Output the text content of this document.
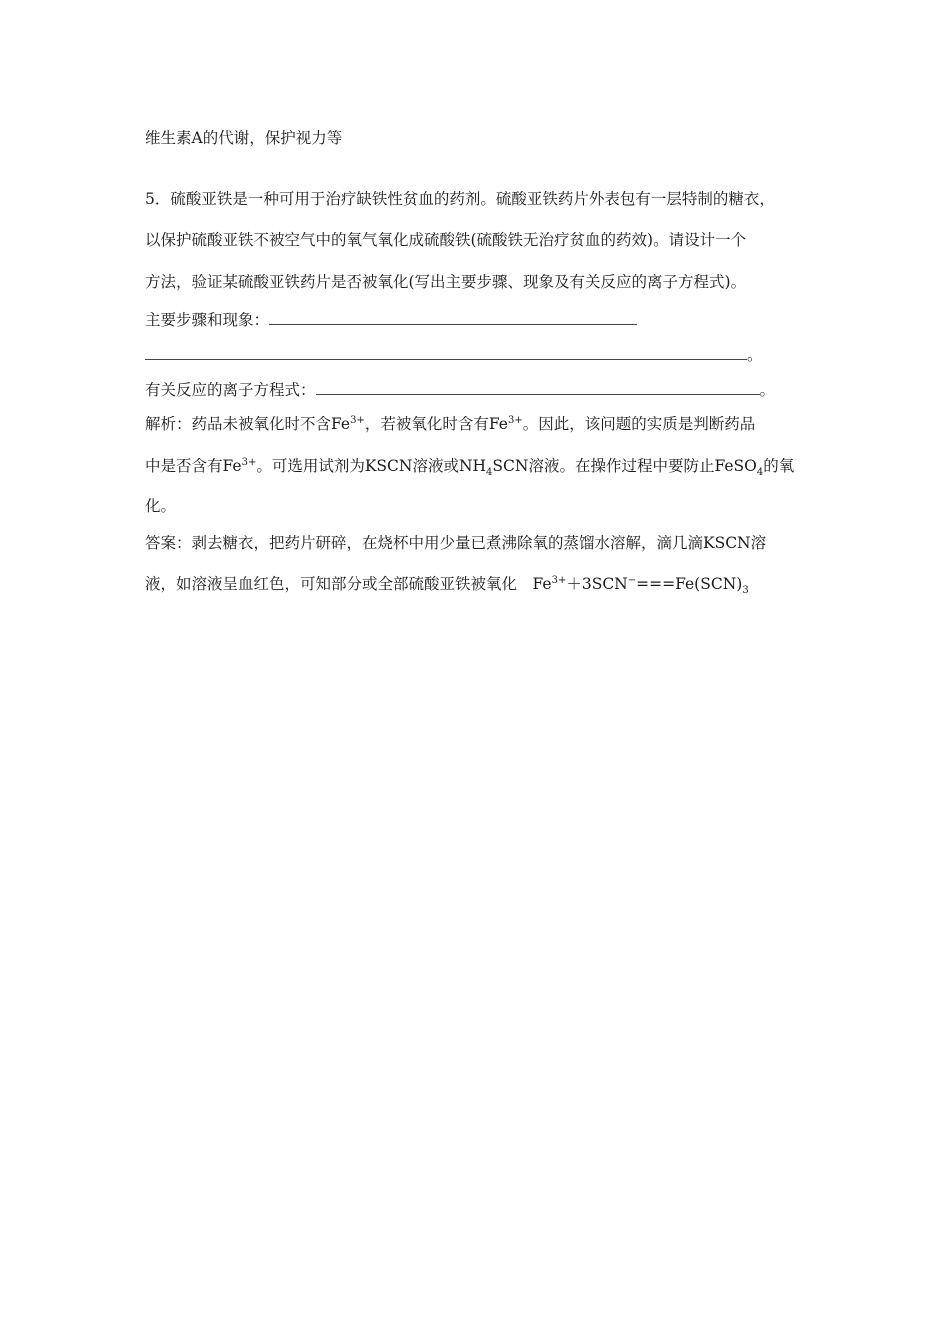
维生素A的代谢，保护视力等
5．硫酸亚铁是一种可用于治疗缺铁性贫血的药剂。硫酸亚铁药片外表包有一层特制的糖衣，
以保护硫酸亚铁不被空气中的氧气氧化成硫酸铁(硫酸铁无治疗贫血的药效)。请设计一个
方法，验证某硫酸亚铁药片是否被氧化(写出主要步骤、现象及有关反应的离子方程式)。
主要步骤和现象：
。
有关反应的离子方程式：	。
解析：药品未被氧化时不含$Fe^{3+}$，若被氧化时含有$Fe^{3+}$。因此，该问题的实质是判断药品
中是否含有$Fe^{3+}$。可选用试剂为KSCN溶液或$NH_4SCN$溶液。在操作过程中要防止FeSO$_4$的氧
化。
答案：剥去糖衣，把药片研碎，在烧杯中用少量已煮沸除氧的蒸馏水溶解，滴几滴KSCN溶
液，如溶液呈血红色，可知部分或全部硫酸亚铁被氧化　$Fe^{3+}+3SCN^-===Fe(SCN)_3$
